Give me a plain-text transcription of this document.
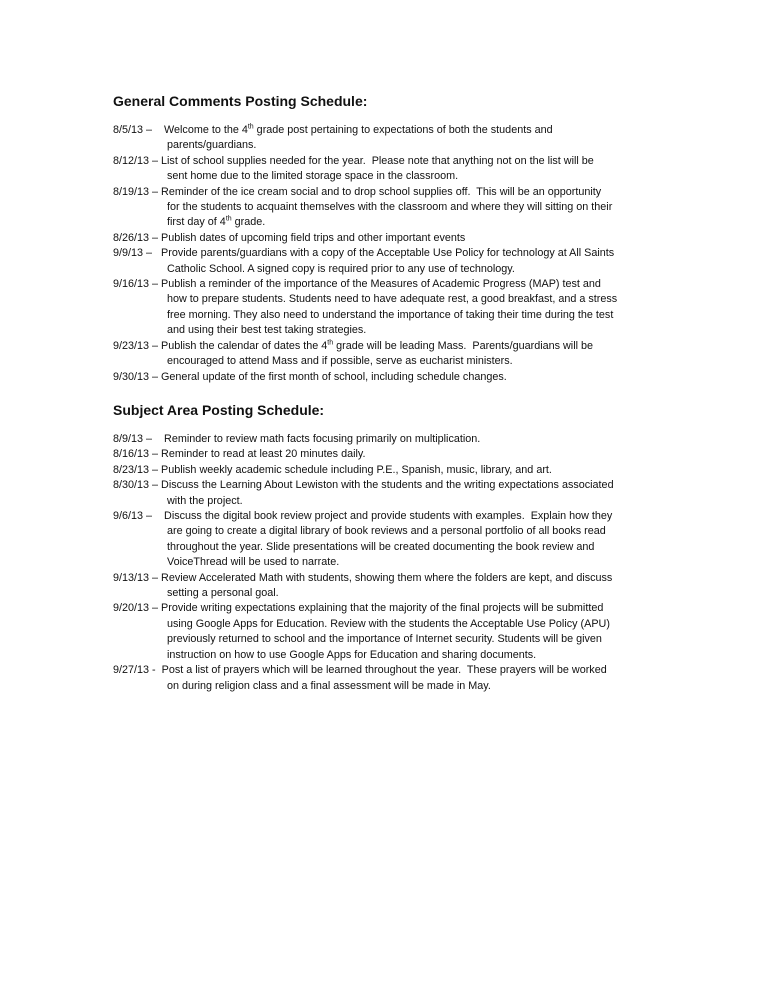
General Comments Posting Schedule:
8/5/13 –    Welcome to the 4th grade post pertaining to expectations of both the students and
parents/guardians.
8/12/13 – List of school supplies needed for the year.  Please note that anything not on the list will be
sent home due to the limited storage space in the classroom.
8/19/13 – Reminder of the ice cream social and to drop school supplies off.  This will be an opportunity
for the students to acquaint themselves with the classroom and where they will sitting on their
first day of 4th grade.
8/26/13 – Publish dates of upcoming field trips and other important events
9/9/13 –   Provide parents/guardians with a copy of the Acceptable Use Policy for technology at All Saints
Catholic School. A signed copy is required prior to any use of technology.
9/16/13 – Publish a reminder of the importance of the Measures of Academic Progress (MAP) test and
how to prepare students. Students need to have adequate rest, a good breakfast, and a stress
free morning. They also need to understand the importance of taking their time during the test
and using their best test taking strategies.
9/23/13 – Publish the calendar of dates the 4th grade will be leading Mass.  Parents/guardians will be
encouraged to attend Mass and if possible, serve as eucharist ministers.
9/30/13 – General update of the first month of school, including schedule changes.
Subject Area Posting Schedule:
8/9/13 –    Reminder to review math facts focusing primarily on multiplication.
8/16/13 – Reminder to read at least 20 minutes daily.
8/23/13 – Publish weekly academic schedule including P.E., Spanish, music, library, and art.
8/30/13 – Discuss the Learning About Lewiston with the students and the writing expectations associated
with the project.
9/6/13 –    Discuss the digital book review project and provide students with examples.  Explain how they
are going to create a digital library of book reviews and a personal portfolio of all books read
throughout the year. Slide presentations will be created documenting the book review and
VoiceThread will be used to narrate.
9/13/13 – Review Accelerated Math with students, showing them where the folders are kept, and discuss
setting a personal goal.
9/20/13 – Provide writing expectations explaining that the majority of the final projects will be submitted
using Google Apps for Education. Review with the students the Acceptable Use Policy (APU)
previously returned to school and the importance of Internet security. Students will be given
instruction on how to use Google Apps for Education and sharing documents.
9/27/13 -  Post a list of prayers which will be learned throughout the year.  These prayers will be worked
on during religion class and a final assessment will be made in May.
